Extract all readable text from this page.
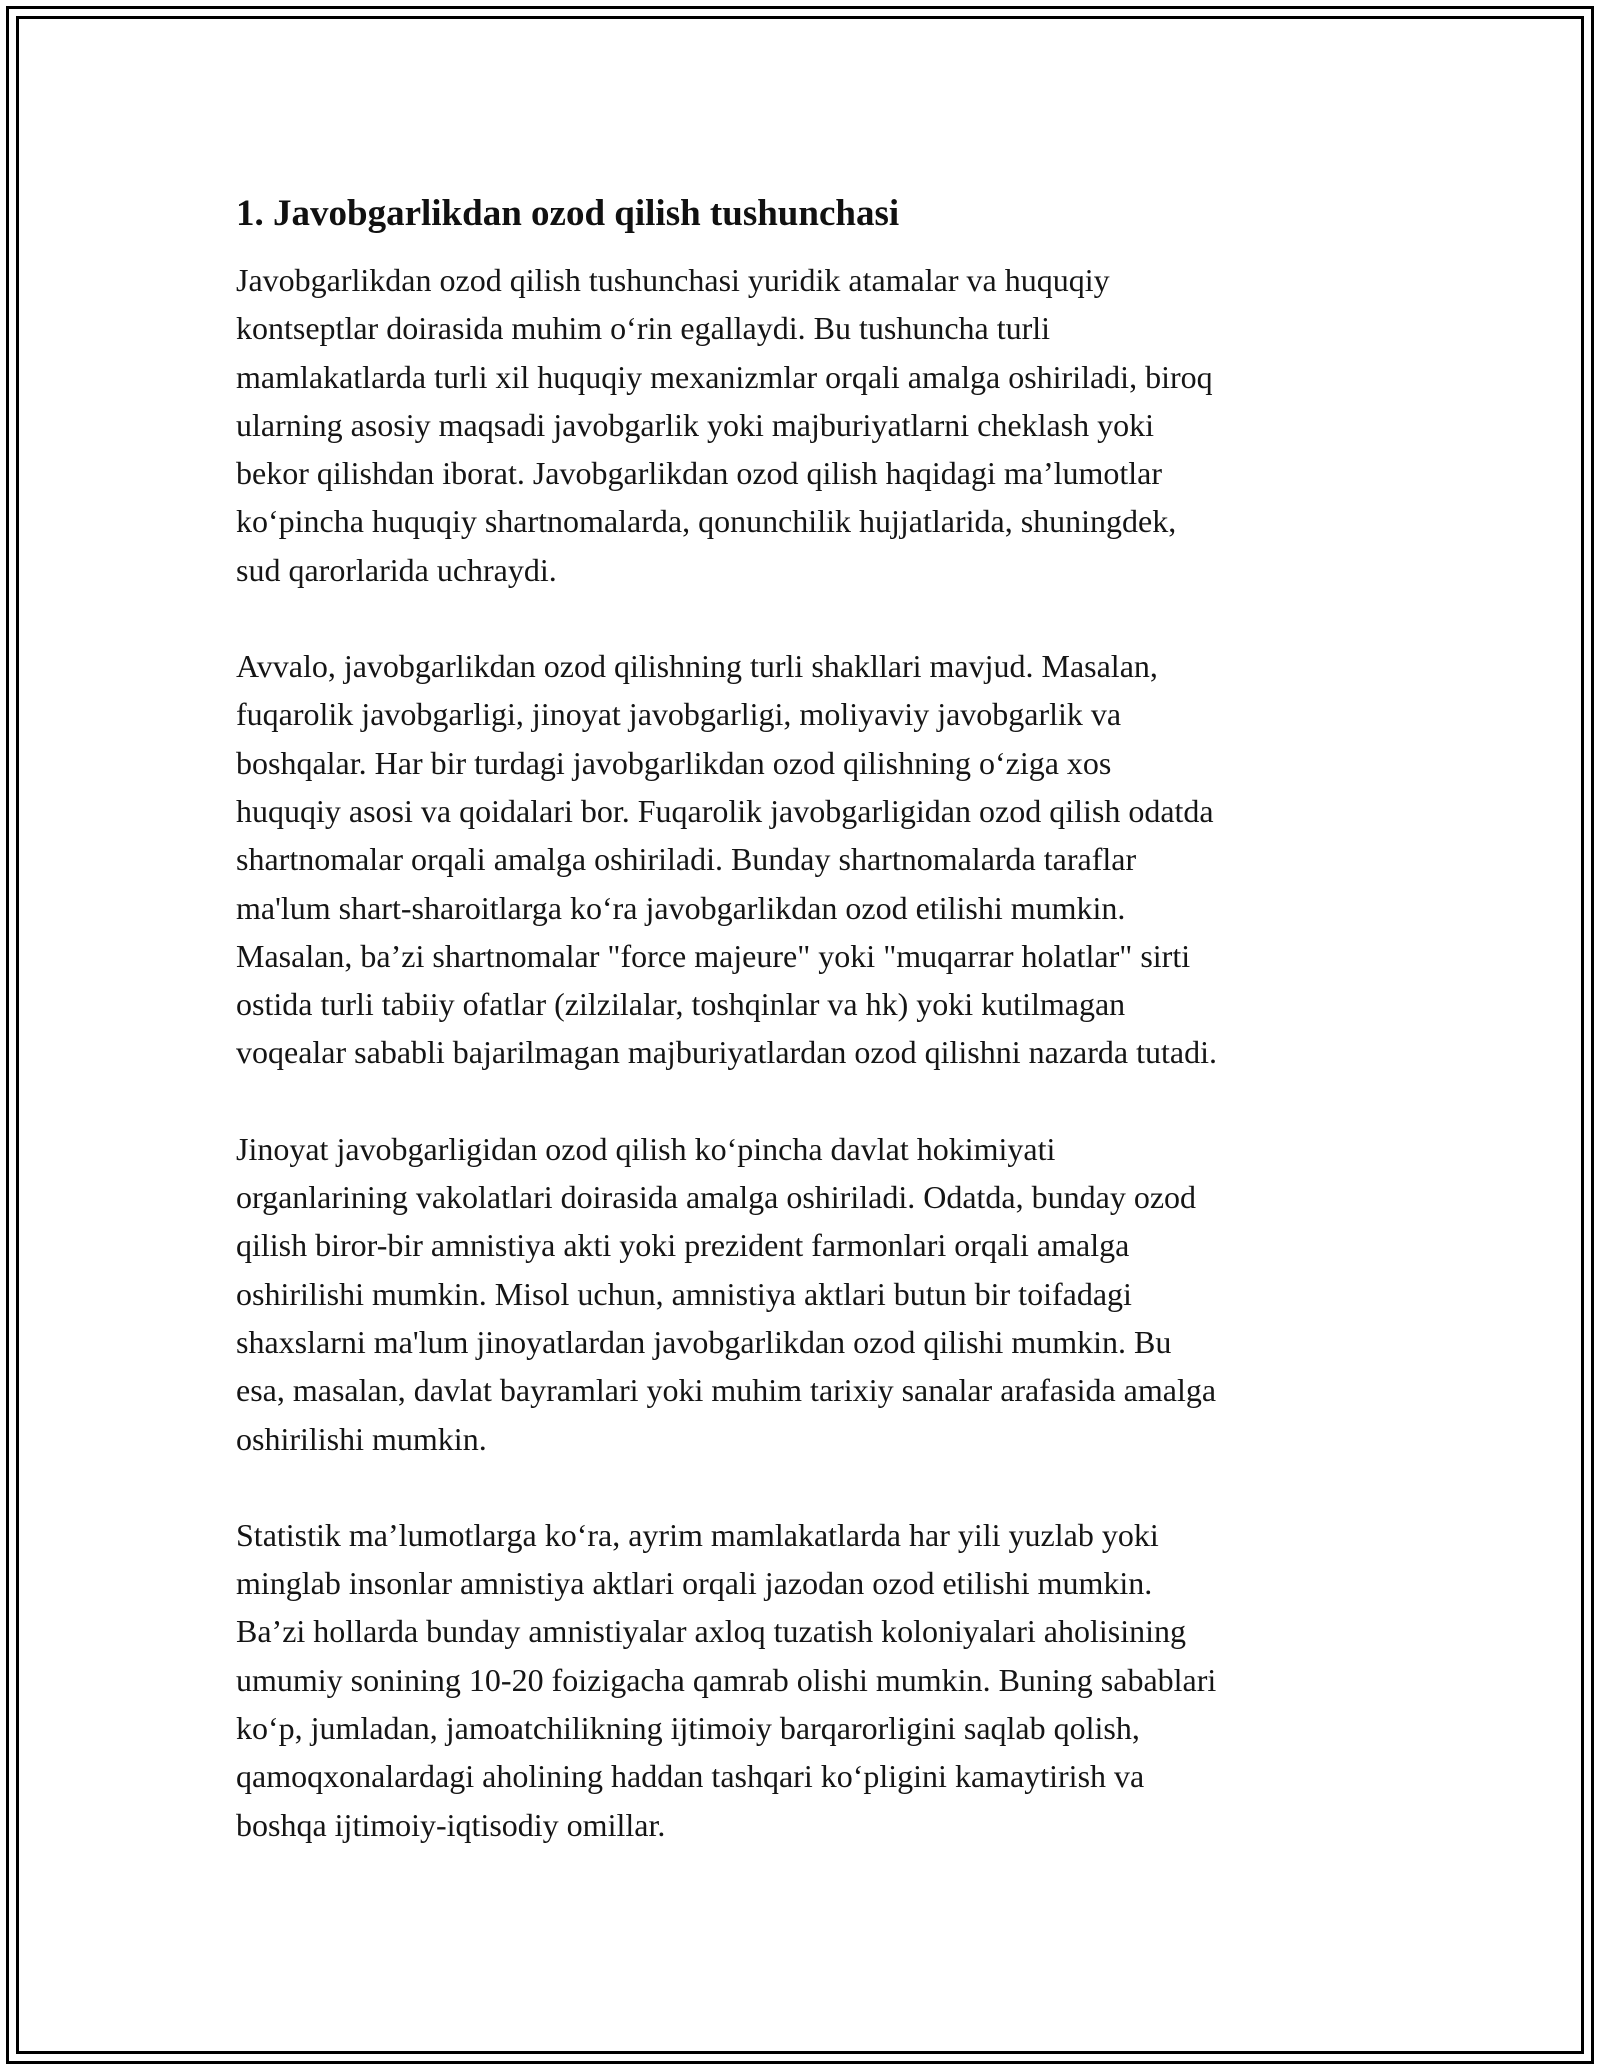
1. Javobgarlikdan ozod qilish tushunchasi
Javobgarlikdan ozod qilish tushunchasi yuridik atamalar va huquqiy
kontseptlar doirasida muhim o‘rin egallaydi. Bu tushuncha turli
mamlakatlarda turli xil huquqiy mexanizmlar orqali amalga oshiriladi, biroq
ularning asosiy maqsadi javobgarlik yoki majburiyatlarni cheklash yoki
bekor qilishdan iborat. Javobgarlikdan ozod qilish haqidagi ma’lumotlar
ko‘pincha huquqiy shartnomalarda, qonunchilik hujjatlarida, shuningdek,
sud qarorlarida uchraydi.
Avvalo, javobgarlikdan ozod qilishning turli shakllari mavjud. Masalan,
fuqarolik javobgarligi, jinoyat javobgarligi, moliyaviy javobgarlik va
boshqalar. Har bir turdagi javobgarlikdan ozod qilishning o‘ziga xos
huquqiy asosi va qoidalari bor. Fuqarolik javobgarligidan ozod qilish odatda
shartnomalar orqali amalga oshiriladi. Bunday shartnomalarda taraflar
ma'lum shart-sharoitlarga ko‘ra javobgarlikdan ozod etilishi mumkin.
Masalan, ba’zi shartnomalar "force majeure" yoki "muqarrar holatlar" sirti
ostida turli tabiiy ofatlar (zilzilalar, toshqinlar va hk) yoki kutilmagan
voqealar sababli bajarilmagan majburiyatlardan ozod qilishni nazarda tutadi.
Jinoyat javobgarligidan ozod qilish ko‘pincha davlat hokimiyati
organlarining vakolatlari doirasida amalga oshiriladi. Odatda, bunday ozod
qilish biror-bir amnistiya akti yoki prezident farmonlari orqali amalga
oshirilishi mumkin. Misol uchun, amnistiya aktlari butun bir toifadagi
shaxslarni ma'lum jinoyatlardan javobgarlikdan ozod qilishi mumkin. Bu
esa, masalan, davlat bayramlari yoki muhim tarixiy sanalar arafasida amalga
oshirilishi mumkin.
Statistik ma’lumotlarga ko‘ra, ayrim mamlakatlarda har yili yuzlab yoki
minglab insonlar amnistiya aktlari orqali jazodan ozod etilishi mumkin.
Ba’zi hollarda bunday amnistiyalar axloq tuzatish koloniyalari aholisining
umumiy sonining 10-20 foizigacha qamrab olishi mumkin. Buning sabablari
ko‘p, jumladan, jamoatchilikning ijtimoiy barqarorligini saqlab qolish,
qamoqxonalardagi aholining haddan tashqari ko‘pligini kamaytirish va
boshqa ijtimoiy-iqtisodiy omillar.
